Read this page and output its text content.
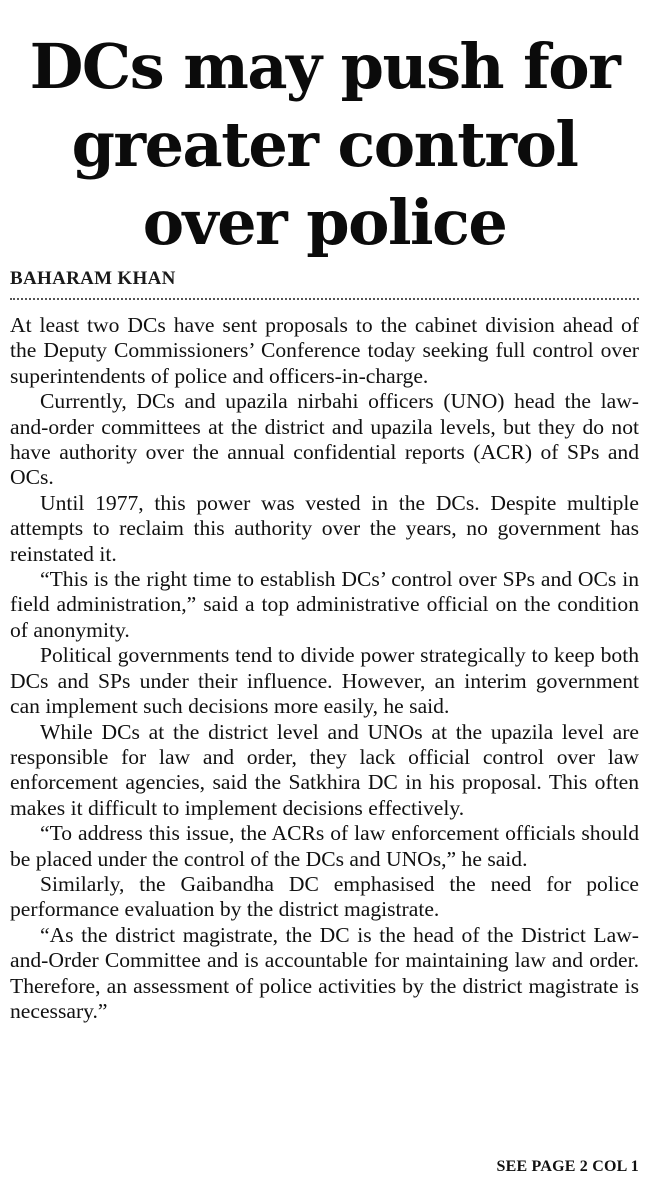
DCs may push for
greater control
over police
BAHARAM KHAN

At least two DCs have sent proposals to the cabinet division ahead of the Deputy Commissioners’ Conference today seeking full control over superintendents of police and officers-in-charge.

Currently, DCs and upazila nirbahi officers (UNO) head the law-and-order committees at the district and upazila levels, but they do not have authority over the annual confidential reports (ACR) of SPs and OCs.

Until 1977, this power was vested in the DCs. Despite multiple attempts to reclaim this authority over the years, no government has reinstated it.

“This is the right time to establish DCs’ control over SPs and OCs in field administration,” said a top administrative official on the condition of anonymity.

Political governments tend to divide power strategically to keep both DCs and SPs under their influence. However, an interim government can implement such decisions more easily, he said.

While DCs at the district level and UNOs at the upazila level are responsible for law and order, they lack official control over law enforcement agencies, said the Satkhira DC in his proposal. This often makes it difficult to implement decisions effectively.

“To address this issue, the ACRs of law enforcement officials should be placed under the control of the DCs and UNOs,” he said.

Similarly, the Gaibandha DC emphasised the need for police performance evaluation by the district magistrate.

“As the district magistrate, the DC is the head of the District Law-and-Order Committee and is accountable for maintaining law and order. Therefore, an assessment of police activities by the district magistrate is necessary.”

SEE PAGE 2 COL 1
